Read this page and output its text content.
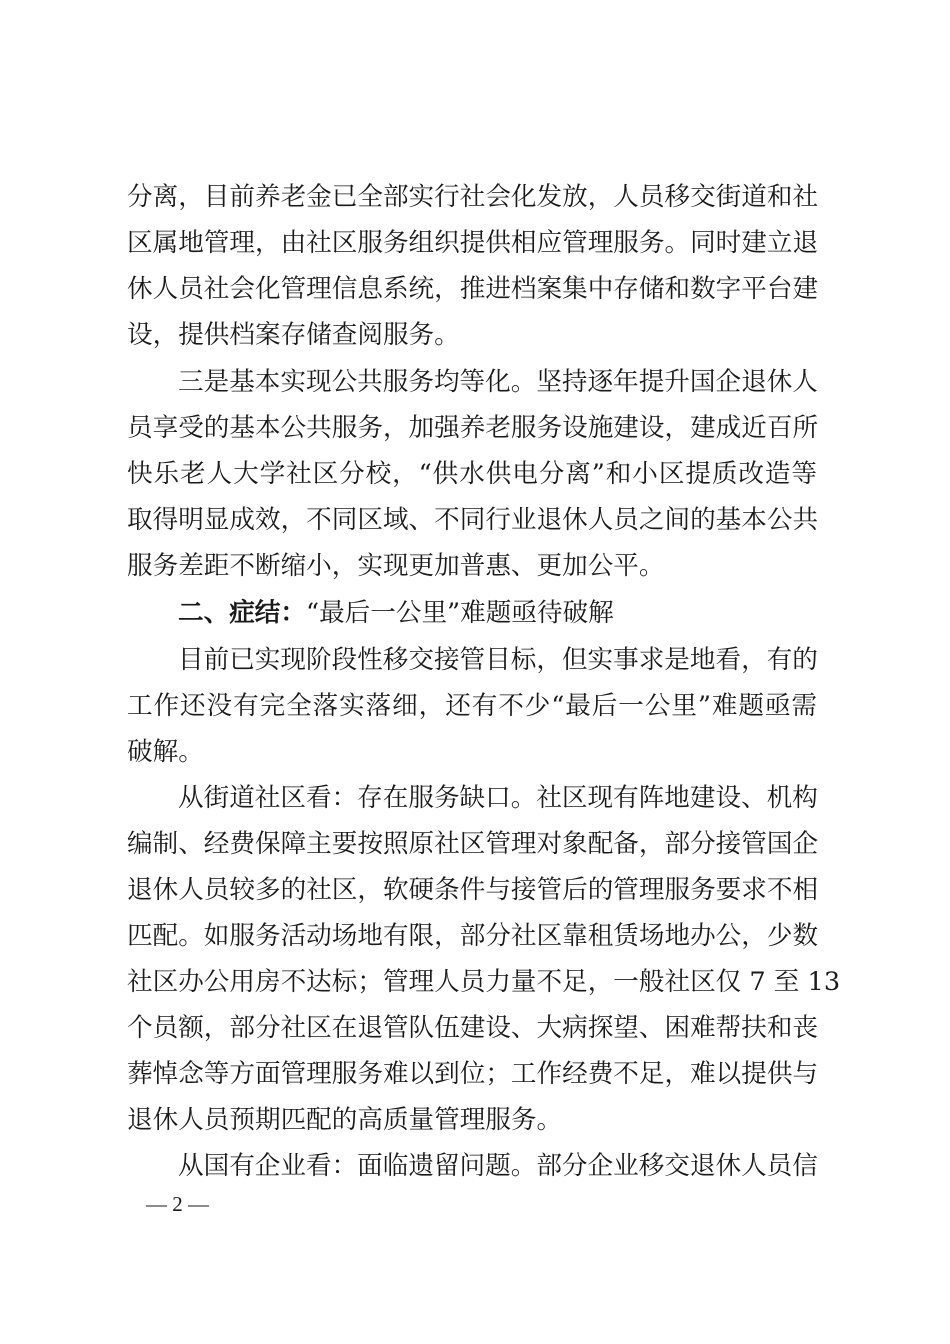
分离，目前养老金已全部实行社会化发放，人员移交街道和社
区属地管理，由社区服务组织提供相应管理服务。同时建立退
休人员社会化管理信息系统，推进档案集中存储和数字平台建
设，提供档案存储查阅服务。
三是基本实现公共服务均等化。坚持逐年提升国企退休人
员享受的基本公共服务，加强养老服务设施建设，建成近百所
快乐老人大学社区分校，“供水供电分离”和小区提质改造等
取得明显成效，不同区域、不同行业退休人员之间的基本公共
服务差距不断缩小，实现更加普惠、更加公平。
二、症结：“最后一公里”难题亟待破解
目前已实现阶段性移交接管目标，但实事求是地看，有的
工作还没有完全落实落细，还有不少“最后一公里”难题亟需
破解。
从街道社区看：存在服务缺口。社区现有阵地建设、机构
编制、经费保障主要按照原社区管理对象配备，部分接管国企
退休人员较多的社区，软硬条件与接管后的管理服务要求不相
匹配。如服务活动场地有限，部分社区靠租赁场地办公，少数
社区办公用房不达标；管理人员力量不足，一般社区仅 7 至 13
个员额，部分社区在退管队伍建设、大病探望、困难帮扶和丧
葬悼念等方面管理服务难以到位；工作经费不足，难以提供与
退休人员预期匹配的高质量管理服务。
从国有企业看：面临遗留问题。部分企业移交退休人员信
— 2 —
